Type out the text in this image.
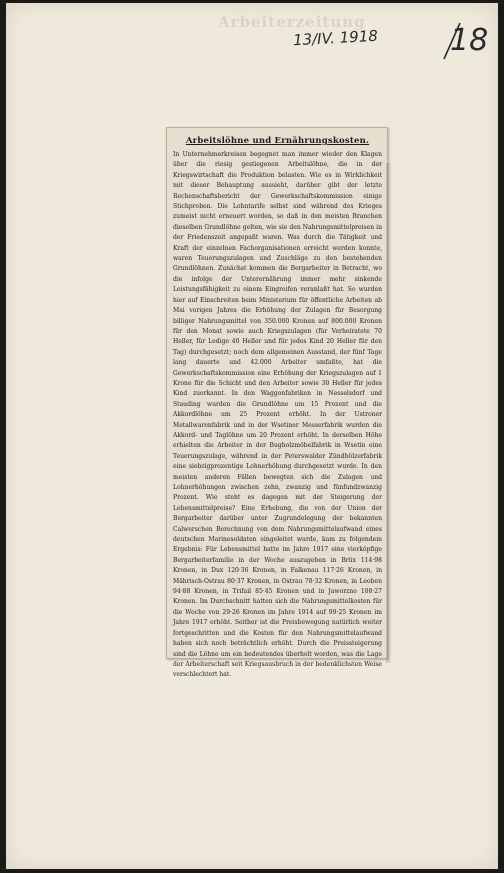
Arbeiterzeitung
13/IV. 1918 18
Arbeitslöhne und Ernährungskosten.

In Unternehmerkreisen begegnet man immer wieder den Klagen über die riesig gestiegenen Arbeitslöhne, die in der Kriegswirtschaft die Produktion belasten. Wie es in Wirklichkeit mit dieser Behauptung aussieht, darüber gibt der letzte Rechenschaftsbericht der Gewerkschaftskommission einige Stichproben. Die Lohntarife selbst sind während des Krieges zumeist nicht erneuert worden, so daß in den meisten Branchen dieselben Grundlöhne gelten, wie sie den Nahrungsmittelpreisen in der Friedenszeit angepaßt waren. Was durch die Tätigkeit und Kraft der einzelnen Fachorganisationen erreicht werden konnte, waren Teuerungszulagen und Zuschläge zu den bestehenden Grundlöhnen. Zunächst kommen die Bergarbeiter in Betracht, wo die infolge der Unterernährung immer mehr sinkende Leistungsfähigkeit zu einem Eingreifen veranlaßt hat. So wurden hier auf Einschreiten beim Ministerium für öffentliche Arbeiten ab Mai vorigen Jahres die Erhöhung der Zulagen für Besorgung billiger Nahrungsmittel von 350.000 Kronen auf 800.000 Kronen für den Monat sowie auch Kriegszulagen (für Verheiratete 70 Heller, für Ledige 40 Heller und für jedes Kind 20 Heller für den Tag) durchgesetzt; noch dem allgemeinen Ausstand, der fünf Tage lang dauerte und 42.000 Arbeiter umfaßte, hat die Gewerkschaftskommission eine Erhöhung der Kriegszulagen auf 1 Krone für die Schicht und den Arbeiter sowie 30 Heller für jedes Kind zuerkannt. In den Waggonfabriken in Nesselsdorf und Stauding wurden die Grundlöhne um 15 Prozent und die Akkordlöhne um 25 Prozent erhöht. In der Ustroner Metallwarenfabrik und in der Wsetiner Messerfabrik wurden die Akkord- und Taglöhne um 20 Prozent erhöht. In derselben Höhe erhielten die Arbeiter in der Bugholzmöbelfabrik in Wsetin eine Teuerungszulage, während in der Peterswalder Zündhölzerfabrik eine siebzigprozentige Lohnerhöhung durchgesetzt wurde. In den meisten anderen Fällen bewegten sich die Zulagen und Lohnerhöhungen zwischen zehn, zwanzig und fünfundzwanzig Prozent. Wie steht es dagegen mit der Steigerung der Lebensmittelpreise? Eine Erhebung, die von der Union der Bergarbeiter darüber unter Zugrundelegung der bekannten Calwerschen Berechnung von dem Nahrungsmittelaufwand eines deutschen Marinesoldaten eingeleitet wurde, kam zu folgendem Ergebnis: Für Lebensmittel hatte im Jahre 1917 eine vierköpfige Bergarbeiterfamilie in der Woche auszugeben in Brüx 114·98 Kronen, in Dux 120·36 Kronen, in Falkenau 117·26 Kronen, in Mährisch-Ostrau 80·37 Kronen, in Ostrau 78·32 Kronen, in Leoben 94·88 Kronen, in Trifail 85·45 Kronen und in Jaworzno 108·27 Kronen. Im Durchschnitt hatten sich die Nahrungsmittelkosten für die Woche von 29·26 Kronen im Jahre 1914 auf 99·25 Kronen im Jahre 1917 erhöht. Seither ist die Preisbewegung natürlich weiter fortgeschritten und die Kosten für den Nahrungsmittelaufwand haben sich noch beträchtlich erhöht. Durch die Preissteigerung sind die Löhne um ein bedeutendes überholt worden, was die Lage der Arbeiterschaft seit Kriegsausbruch in der bedenklichsten Weise verschlechtert hat.
